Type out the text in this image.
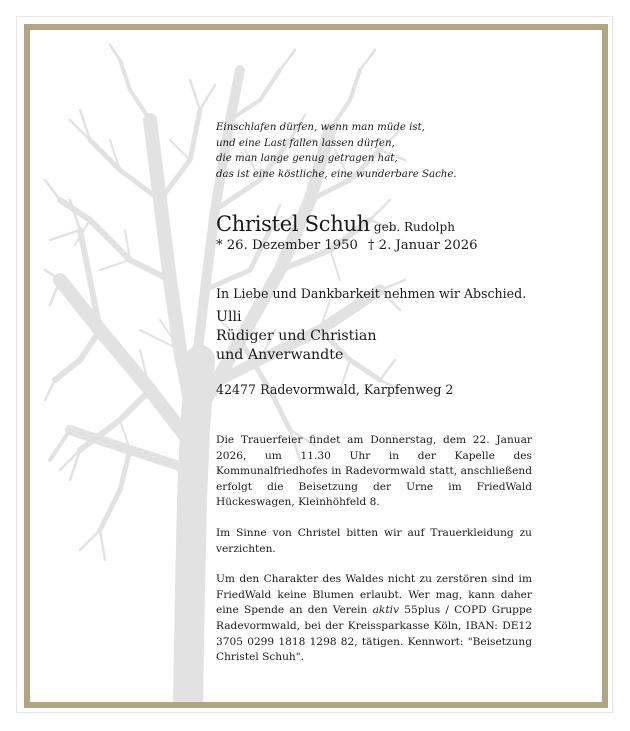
Einschlafen dürfen, wenn man müde ist,
und eine Last fallen lassen dürfen,
die man lange genug getragen hat,
das ist eine köstliche, eine wunderbare Sache.
Christel Schuh geb. Rudolph
* 26. Dezember 1950 † 2. Januar 2026
In Liebe und Dankbarkeit nehmen wir Abschied.
Ulli
Rüdiger und Christian
und Anverwandte
42477 Radevormwald, Karpfenweg 2

Die Trauerfeier findet am Donnerstag, dem 22. Januar 2026, um 11.30 Uhr in der Kapelle des Kommunalfriedhofes in Radevormwald statt, anschließend erfolgt die Beisetzung der Urne im FriedWald Hückeswagen, Kleinhöhfeld 8.

Im Sinne von Christel bitten wir auf Trauerkleidung zu verzichten.

Um den Charakter des Waldes nicht zu zerstören sind im FriedWald keine Blumen erlaubt. Wer mag, kann daher eine Spende an den Verein aktiv 55plus / COPD Gruppe Radevormwald, bei der Kreissparkasse Köln, IBAN: DE12 3705 0299 1818 1298 82, tätigen. Kennwort: "Beisetzung Christel Schuh".
